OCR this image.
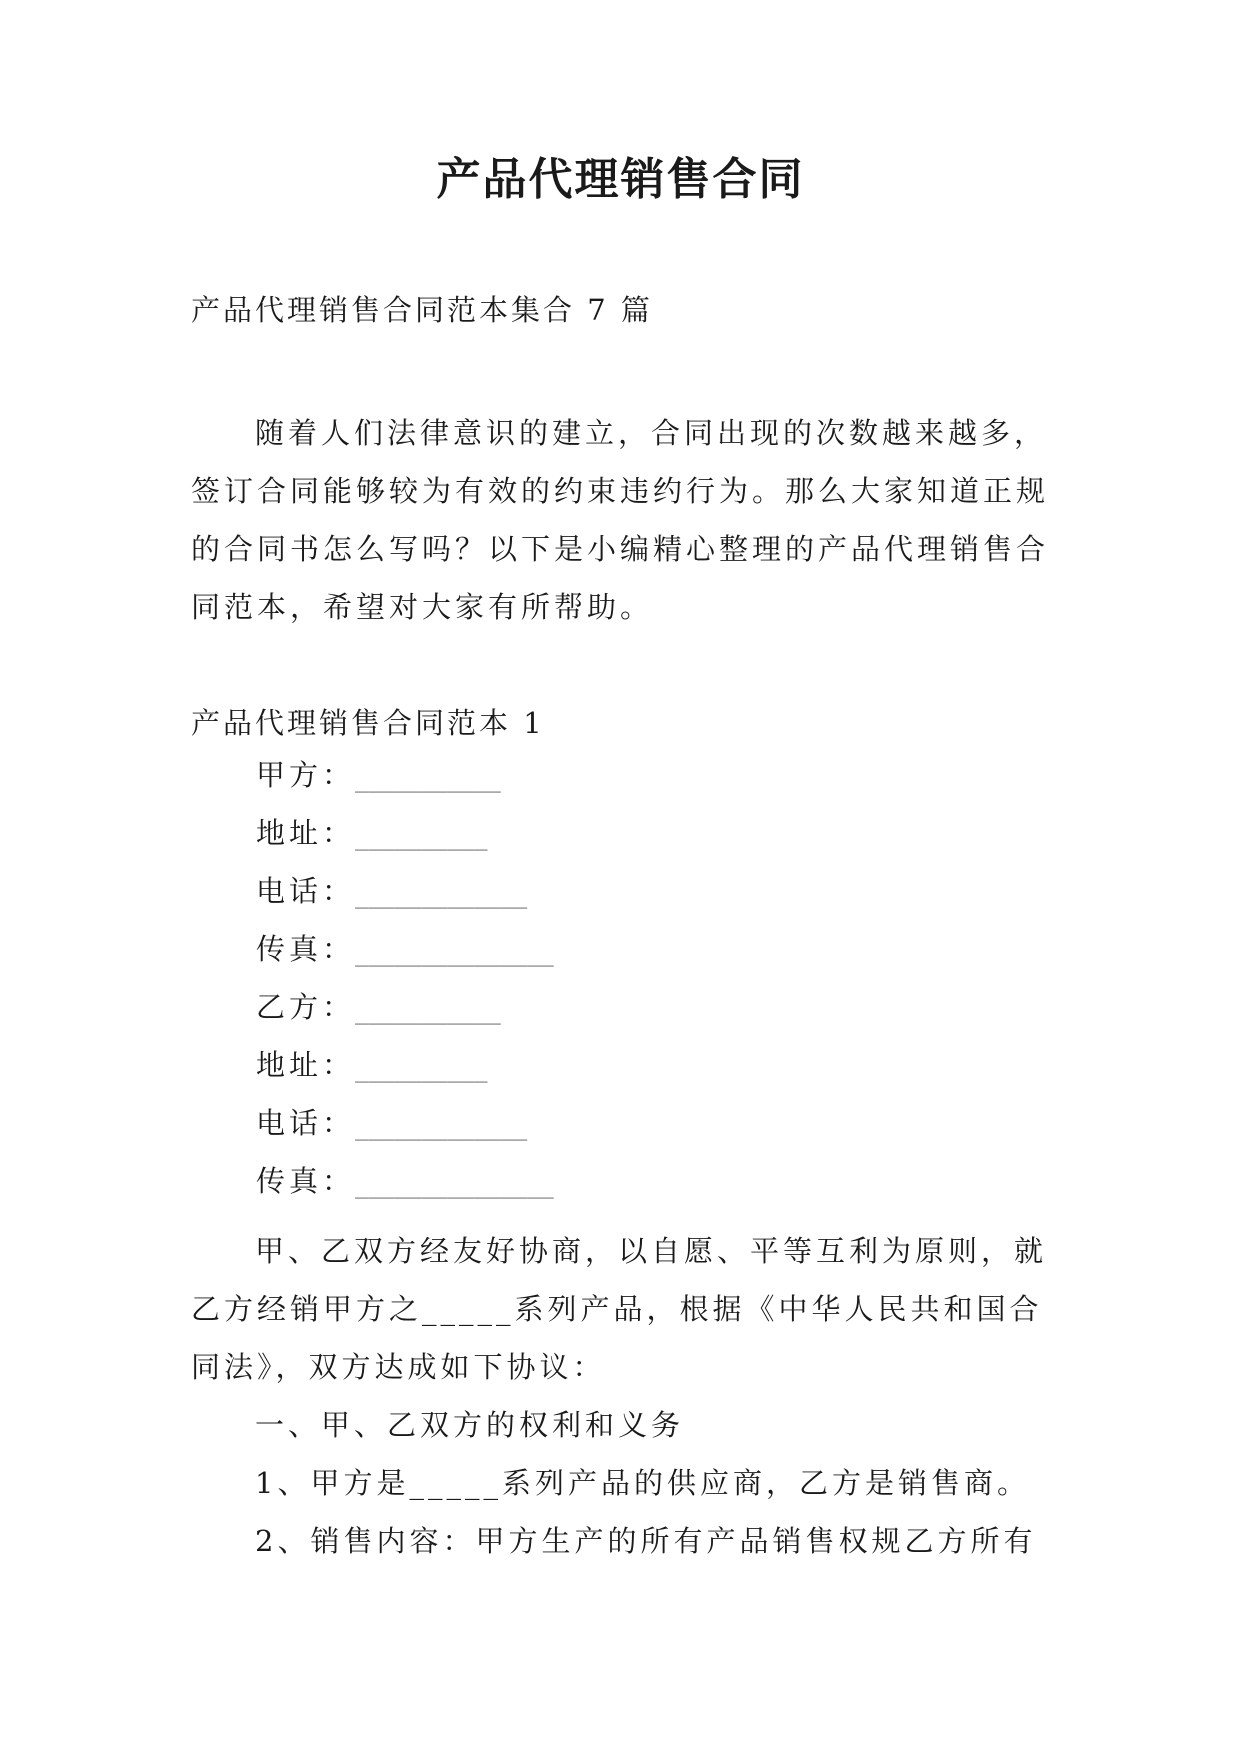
产品代理销售合同

产品代理销售合同范本集合 7 篇

随着人们法律意识的建立，合同出现的次数越来越多，签订合同能够较为有效的约束违约行为。那么大家知道正规的合同书怎么写吗？以下是小编精心整理的产品代理销售合同范本，希望对大家有所帮助。

产品代理销售合同范本 1

甲方： ___________
地址： __________
电话： _____________
传真： _______________
乙方： ___________
地址： __________
电话： _____________
传真： _______________

甲、乙双方经友好协商，以自愿、平等互利为原则，就乙方经销甲方之_____系列产品，根据《中华人民共和国合同法》，双方达成如下协议：

一、甲、乙双方的权利和义务

1、甲方是_____系列产品的供应商，乙方是销售商。

2、销售内容：甲方生产的所有产品销售权规乙方所有
